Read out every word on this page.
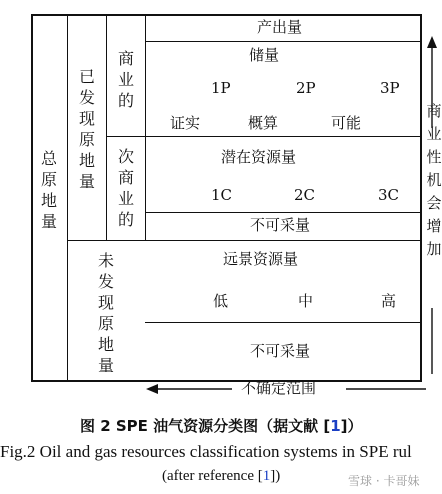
总原地量
已发现原地量
商业的
次商业的
未发现原地量
产出量
储量
1P	2P	3P
证实	概算	可能
潜在资源量
1C	2C	3C
不可采量
远景资源量
低	中	高
不可采量
商业性机会增加
不确定范围
图 2 SPE 油气资源分类图（据文献 [1]）
Fig.2 Oil and gas resources classification systems in SPE rul
(after reference [1])	雪球 · 卡哥妹
